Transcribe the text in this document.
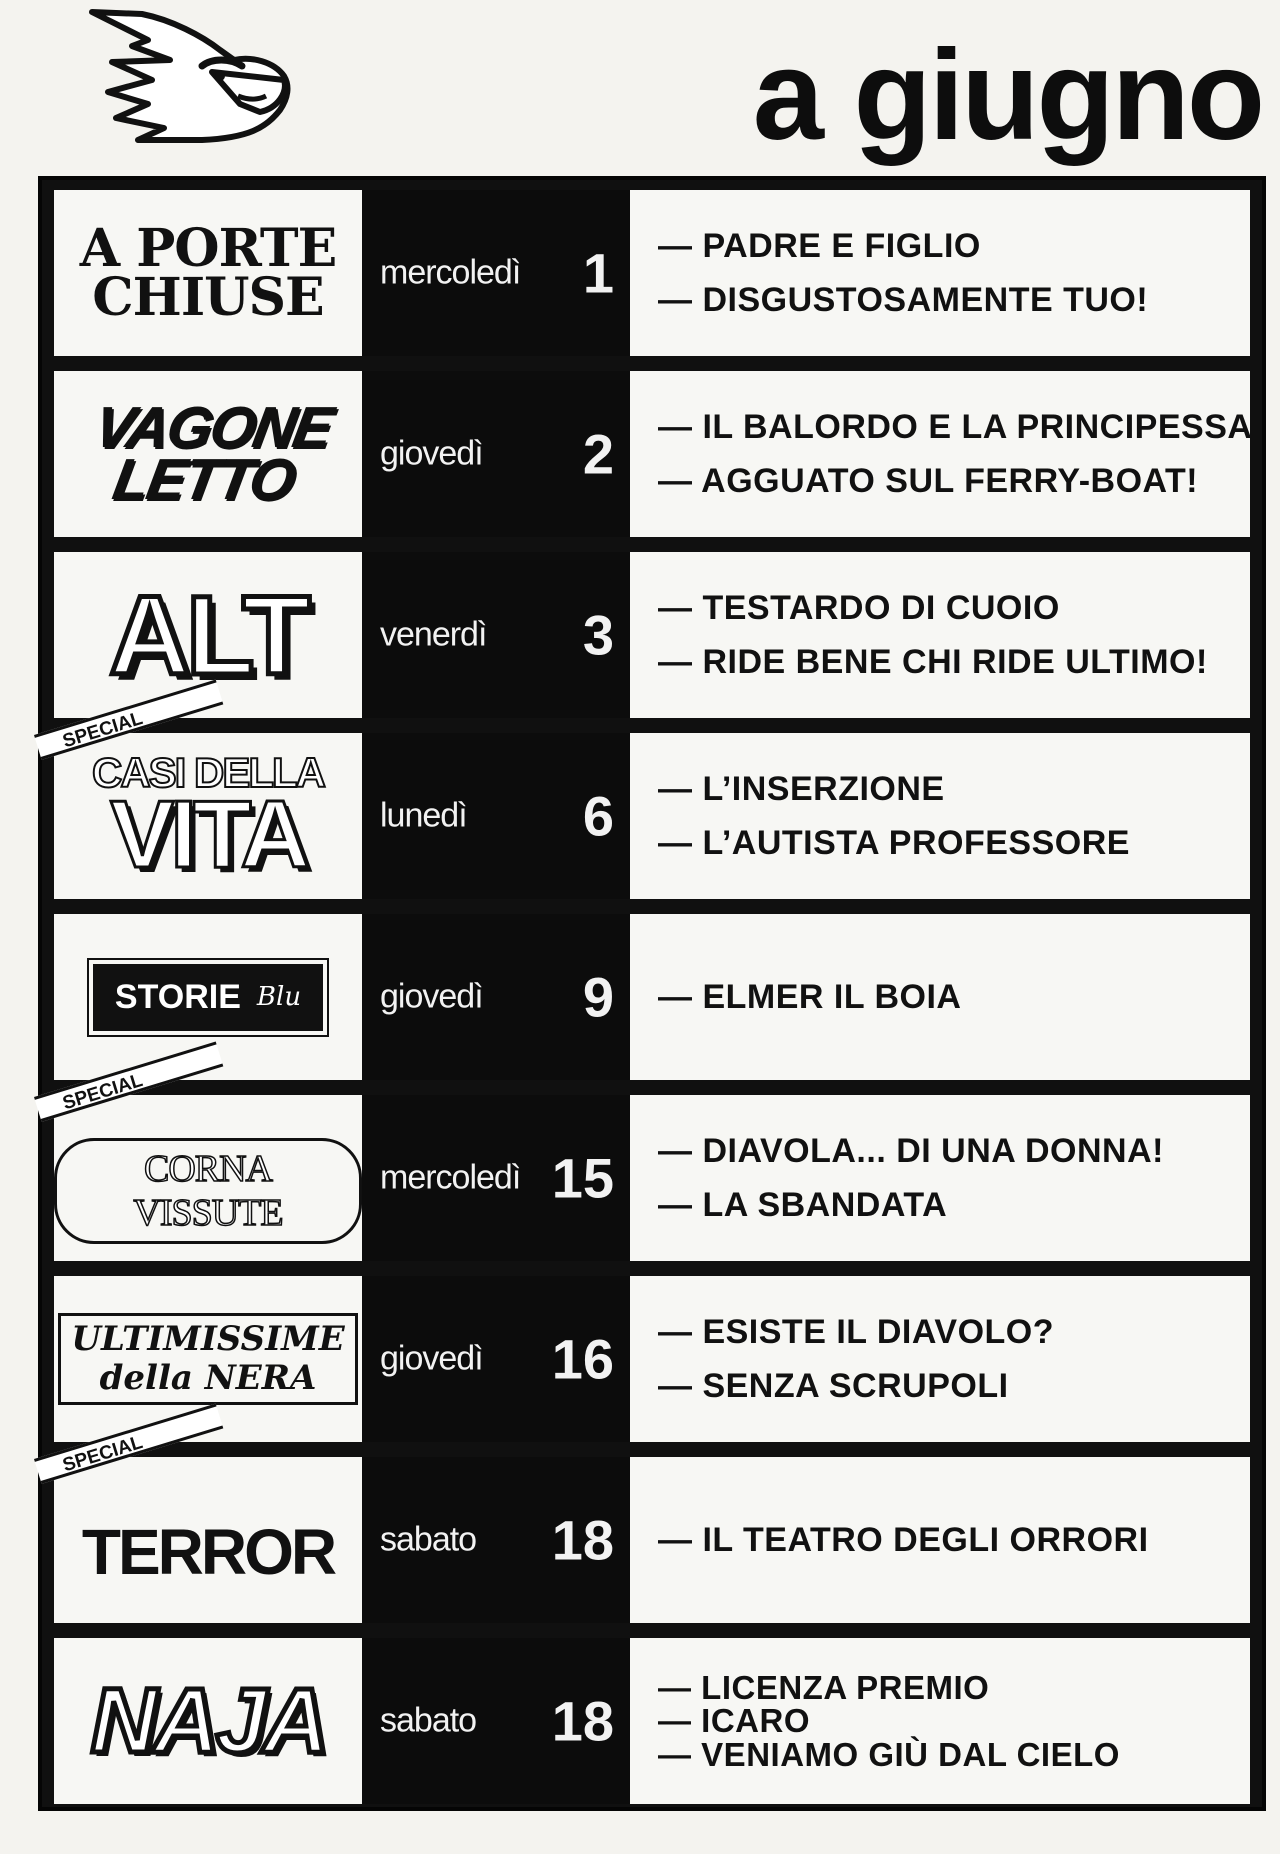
a giugno
A PORTE
CHIUSE	mercoledì 1 — PADRE E FIGLIO
— DISGUSTOSAMENTE TUO!
VAGONE
LETTO	giovedì 2 — IL BALORDO E LA PRINCIPESSA
— AGGUATO SUL FERRY-BOAT!
ALT	venerdì 3 — TESTARDO DI CUOIO
— RIDE BENE CHI RIDE ULTIMO!
SPECIAL
CASI DELLA
VITA lunedì 6 — L’INSERZIONE
— L’AUTISTA PROFESSORE
STORIE Blu giovedì 9 — ELMER IL BOIA
SPECIAL
CORNA VISSUTE
mercoledì 15 — DIAVOLA... DI UNA DONNA!
— LA SBANDATA
ULTIMISSIME
della NERA	giovedì 16 — ESISTE IL DIAVOLO?
— SENZA SCRUPOLI
SPECIAL
TERROR sabato 18 — IL TEATRO DEGLI ORRORI
NAJA	sabato 18
— LICENZA PREMIO
— ICARO
— VENIAMO GIÙ DAL CIELO
